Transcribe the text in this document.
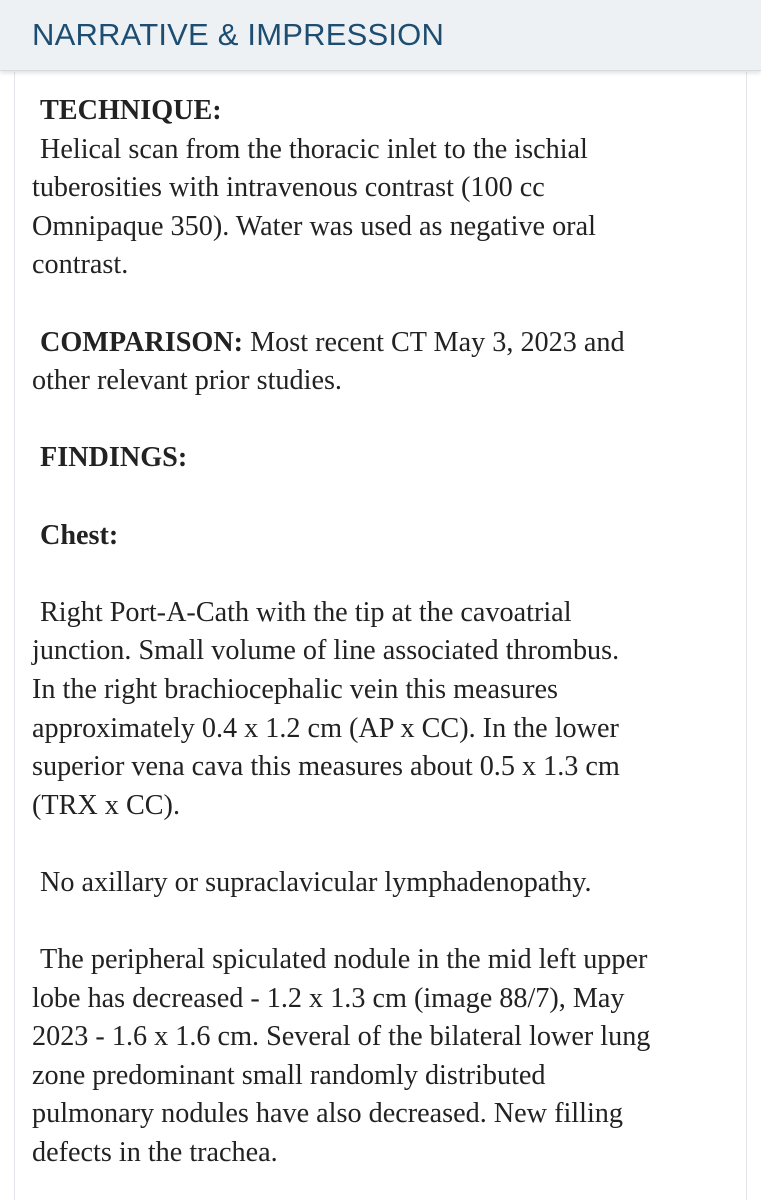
NARRATIVE & IMPRESSION

TECHNIQUE:

Helical scan from the thoracic inlet to the ischial

tuberosities with intravenous contrast (100 cc

Omnipaque 350). Water was used as negative oral

contrast.

COMPARISON: Most recent CT May 3, 2023 and

other relevant prior studies.

FINDINGS:

Chest:

Right Port-A-Cath with the tip at the cavoatrial

junction. Small volume of line associated thrombus.

In the right brachiocephalic vein this measures

approximately 0.4 x 1.2 cm (AP x CC). In the lower

superior vena cava this measures about 0.5 x 1.3 cm

(TRX x CC).

No axillary or supraclavicular lymphadenopathy.

The peripheral spiculated nodule in the mid left upper

lobe has decreased - 1.2 x 1.3 cm (image 88/7), May

2023 - 1.6 x 1.6 cm. Several of the bilateral lower lung

zone predominant small randomly distributed

pulmonary nodules have also decreased. New filling

defects in the trachea.
